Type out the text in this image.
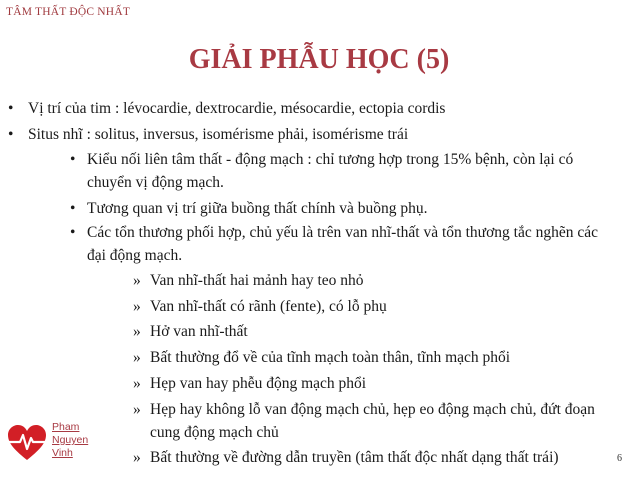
TÂM THẤT ĐỘC NHẤT
GIẢI PHẪU HỌC (5)
• Vị trí của tim : lévocardie, dextrocardie, mésocardie, ectopia cordis
• Situs nhĩ : solitus, inversus, isomérisme phải, isomérisme trái
• Kiểu nối liên tâm thất - động mạch : chỉ tương hợp trong 15% bệnh, còn lại có chuyển vị động mạch.
• Tương quan vị trí giữa buồng thất chính và buồng phụ.
• Các tổn thương phối hợp, chủ yếu là trên van nhĩ-thất và tổn thương tắc nghẽn các đại động mạch.
» Van nhĩ-thất hai mảnh hay teo nhỏ
» Van nhĩ-thất có rãnh (fente), có lỗ phụ
» Hở van nhĩ-thất
» Bất thường đổ về của tĩnh mạch toàn thân, tĩnh mạch phổi
» Hẹp van hay phễu động mạch phổi
» Hẹp hay không lỗ van động mạch chủ, hẹp eo động mạch chủ, đứt đoạn cung động mạch chủ
» Bất thường về đường dẫn truyền (tâm thất độc nhất dạng thất trái)
Pham
Nguyen
Vinh	6
